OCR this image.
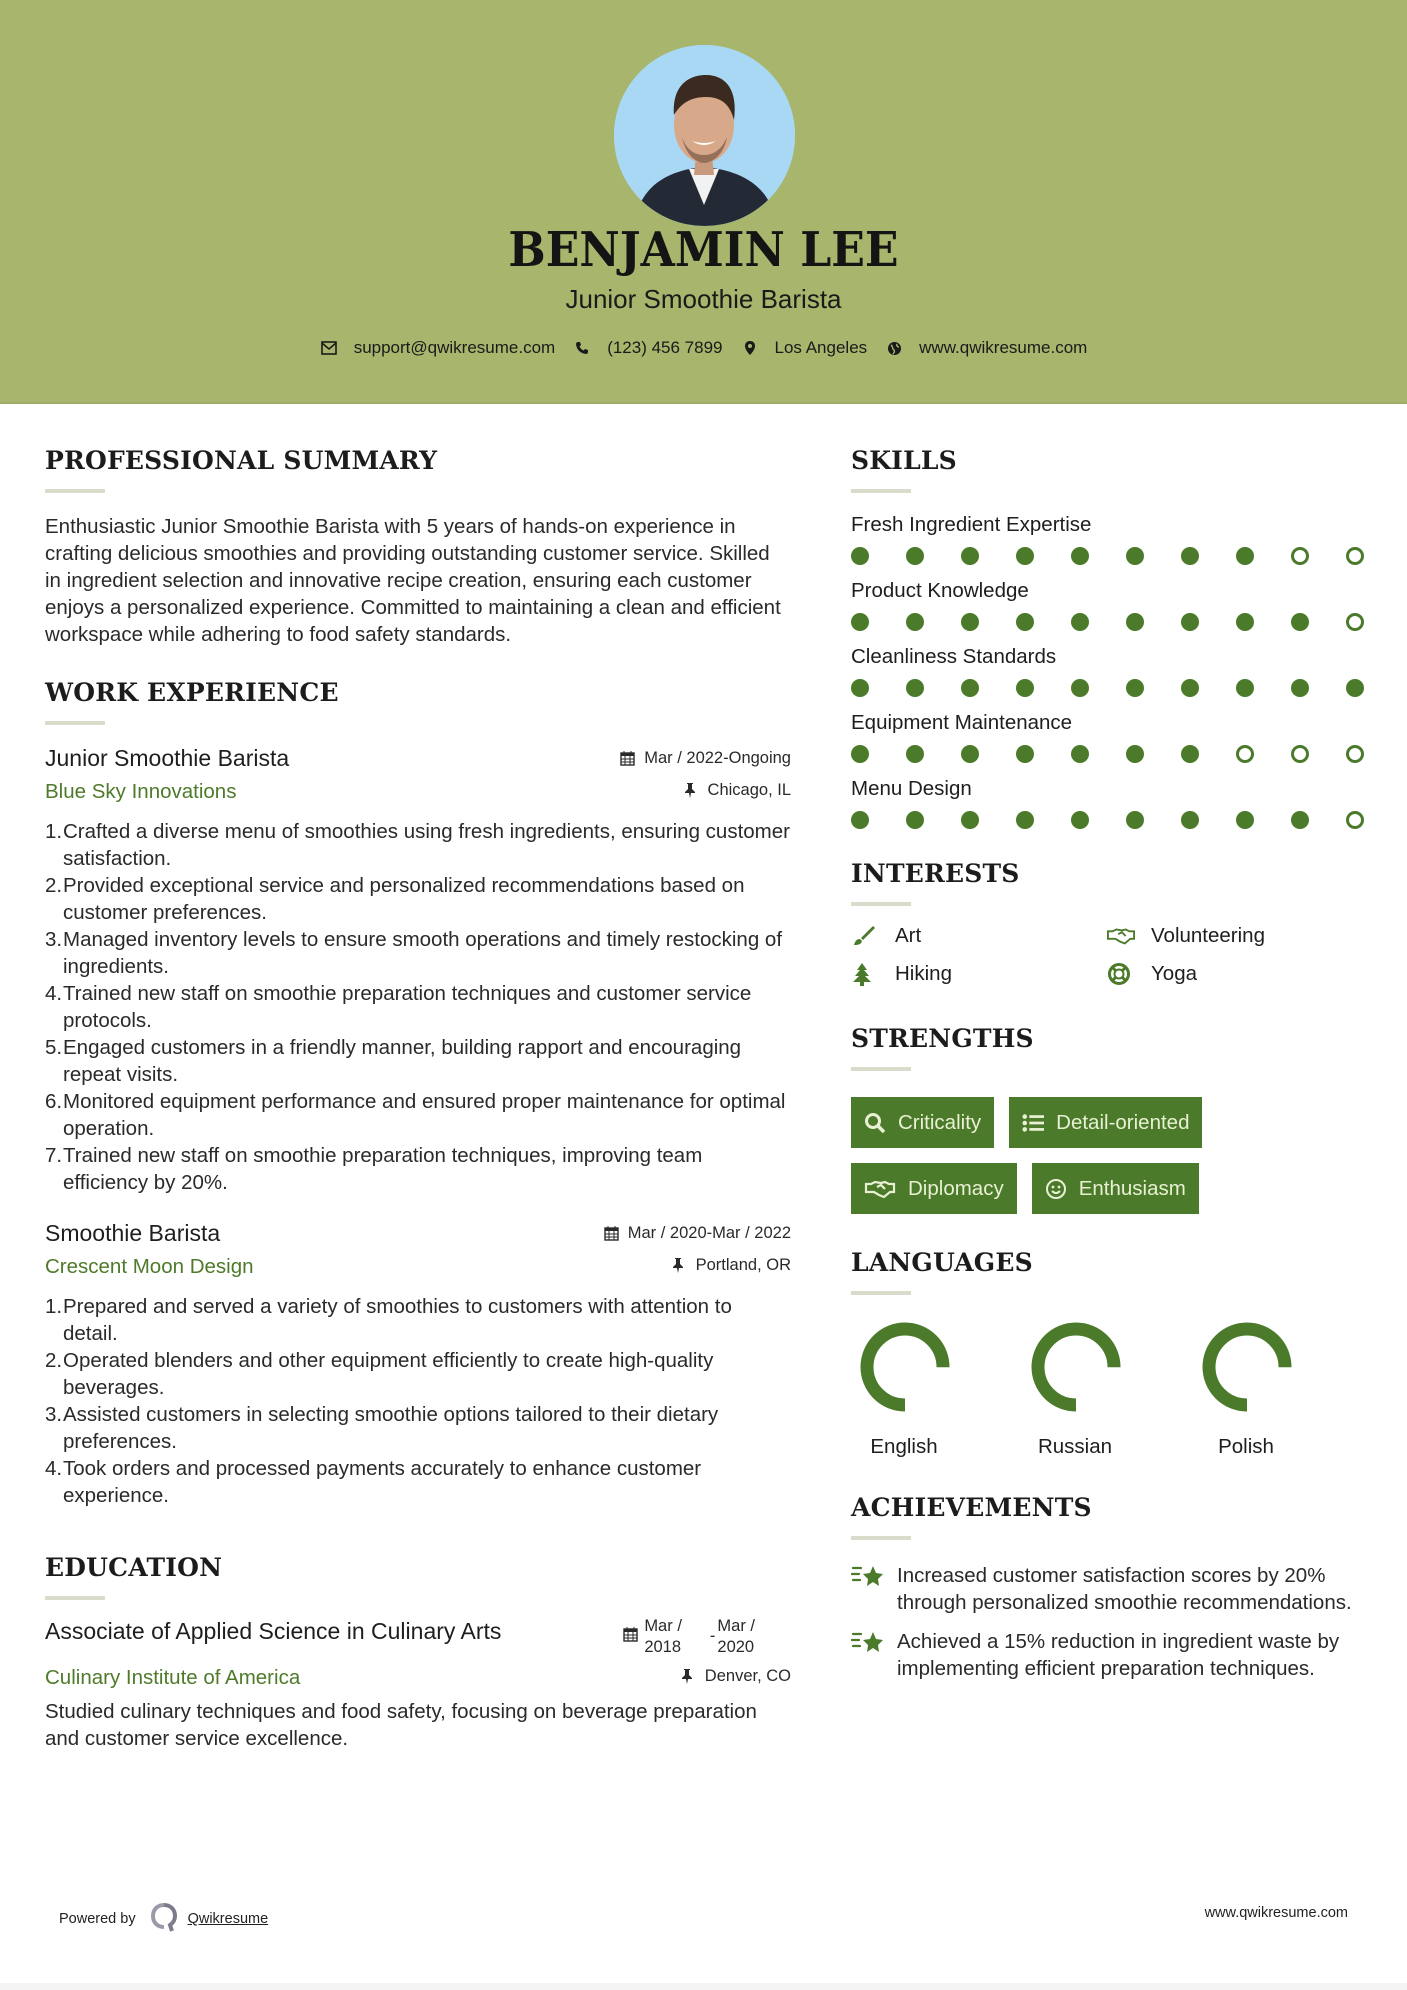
BENJAMIN LEE
Junior Smoothie Barista
support@qwikresume.com	(123) 456 7899	Los Angeles	www.qwikresume.com
PROFESSIONAL SUMMARY

Enthusiastic Junior Smoothie Barista with 5 years of hands-on experience in crafting delicious smoothies and providing outstanding customer service. Skilled in ingredient selection and innovative recipe creation, ensuring each customer enjoys a personalized experience. Committed to maintaining a clean and efficient workspace while adhering to food safety standards.

WORK EXPERIENCE
Junior Smoothie Barista	Mar / 2022-Ongoing
Blue Sky Innovations	Chicago, IL
1. Crafted a diverse menu of smoothies using fresh ingredients, ensuring customer satisfaction.
2. Provided exceptional service and personalized recommendations based on customer preferences.
3. Managed inventory levels to ensure smooth operations and timely restocking of ingredients.
4. Trained new staff on smoothie preparation techniques and customer service protocols.
5. Engaged customers in a friendly manner, building rapport and encouraging repeat visits.
6. Monitored equipment performance and ensured proper maintenance for optimal operation.
7. Trained new staff on smoothie preparation techniques, improving team efficiency by 20%.
Smoothie Barista	Mar / 2020-Mar / 2022
Crescent Moon Design	Portland, OR
1. Prepared and served a variety of smoothies to customers with attention to detail.
2. Operated blenders and other equipment efficiently to create high-quality beverages.
3. Assisted customers in selecting smoothie options tailored to their dietary preferences.
4. Took orders and processed payments accurately to enhance customer experience.
EDUCATION
Associate of Applied Science in Culinary Arts	Mar /
2018
-
Mar /
2020
Culinary Institute of America	Denver, CO

Studied culinary techniques and food safety, focusing on beverage preparation and customer service excellence.

SKILLS
Fresh Ingredient Expertise
Product Knowledge
Cleanliness Standards
Equipment Maintenance
Menu Design
INTERESTS
Art	Volunteering
Hiking	Yoga
STRENGTHS
Criticality	Detail-oriented
Diplomacy	Enthusiasm
LANGUAGES
English	Russian	Polish
ACHIEVEMENTS
Increased customer satisfaction scores by 20% through personalized smoothie recommendations.
Achieved a 15% reduction in ingredient waste by implementing efficient preparation techniques.
Powered by	Qwikresume	www.qwikresume.com
